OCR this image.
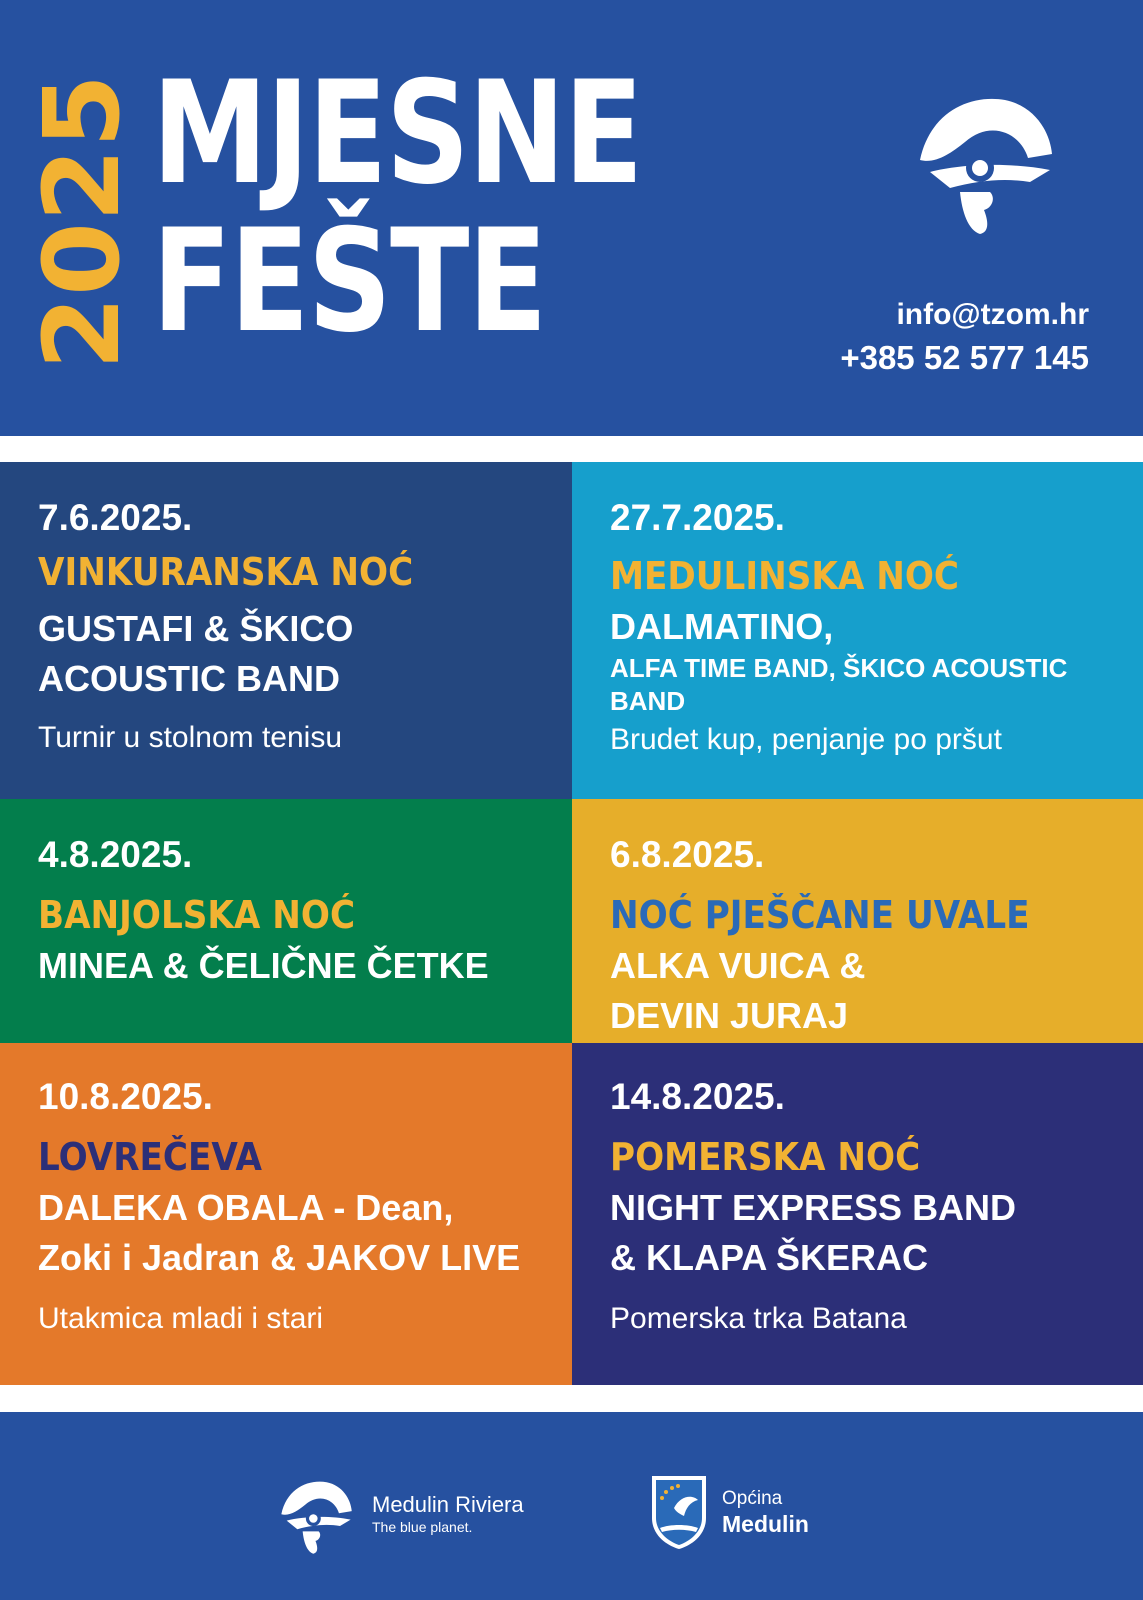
2025 MJESNE
FEŠTE	info@tzom.hr
+385 52 577 145
7.6.2025.
VINKURANSKA NOĆ
GUSTAFI & ŠKICO
ACOUSTIC BAND
Turnir u stolnom tenisu
27.7.2025.
MEDULINSKA NOĆ
DALMATINO,
ALFA TIME BAND, ŠKICO ACOUSTIC
BAND
Brudet kup, penjanje po pršut
4.8.2025.
BANJOLSKA NOĆ
MINEA & ČELIČNE ČETKE
6.8.2025.
NOĆ PJEŠČANE UVALE
ALKA VUICA &
DEVIN JURAJ
10.8.2025.
LOVREČEVA
DALEKA OBALA - Dean,
Zoki i Jadran & JAKOV LIVE
Utakmica mladi i stari
14.8.2025.
POMERSKA NOĆ
NIGHT EXPRESS BAND
& KLAPA ŠKERAC
Pomerska trka Batana
Medulin Riviera
The blue planet.
Općina
Medulin
